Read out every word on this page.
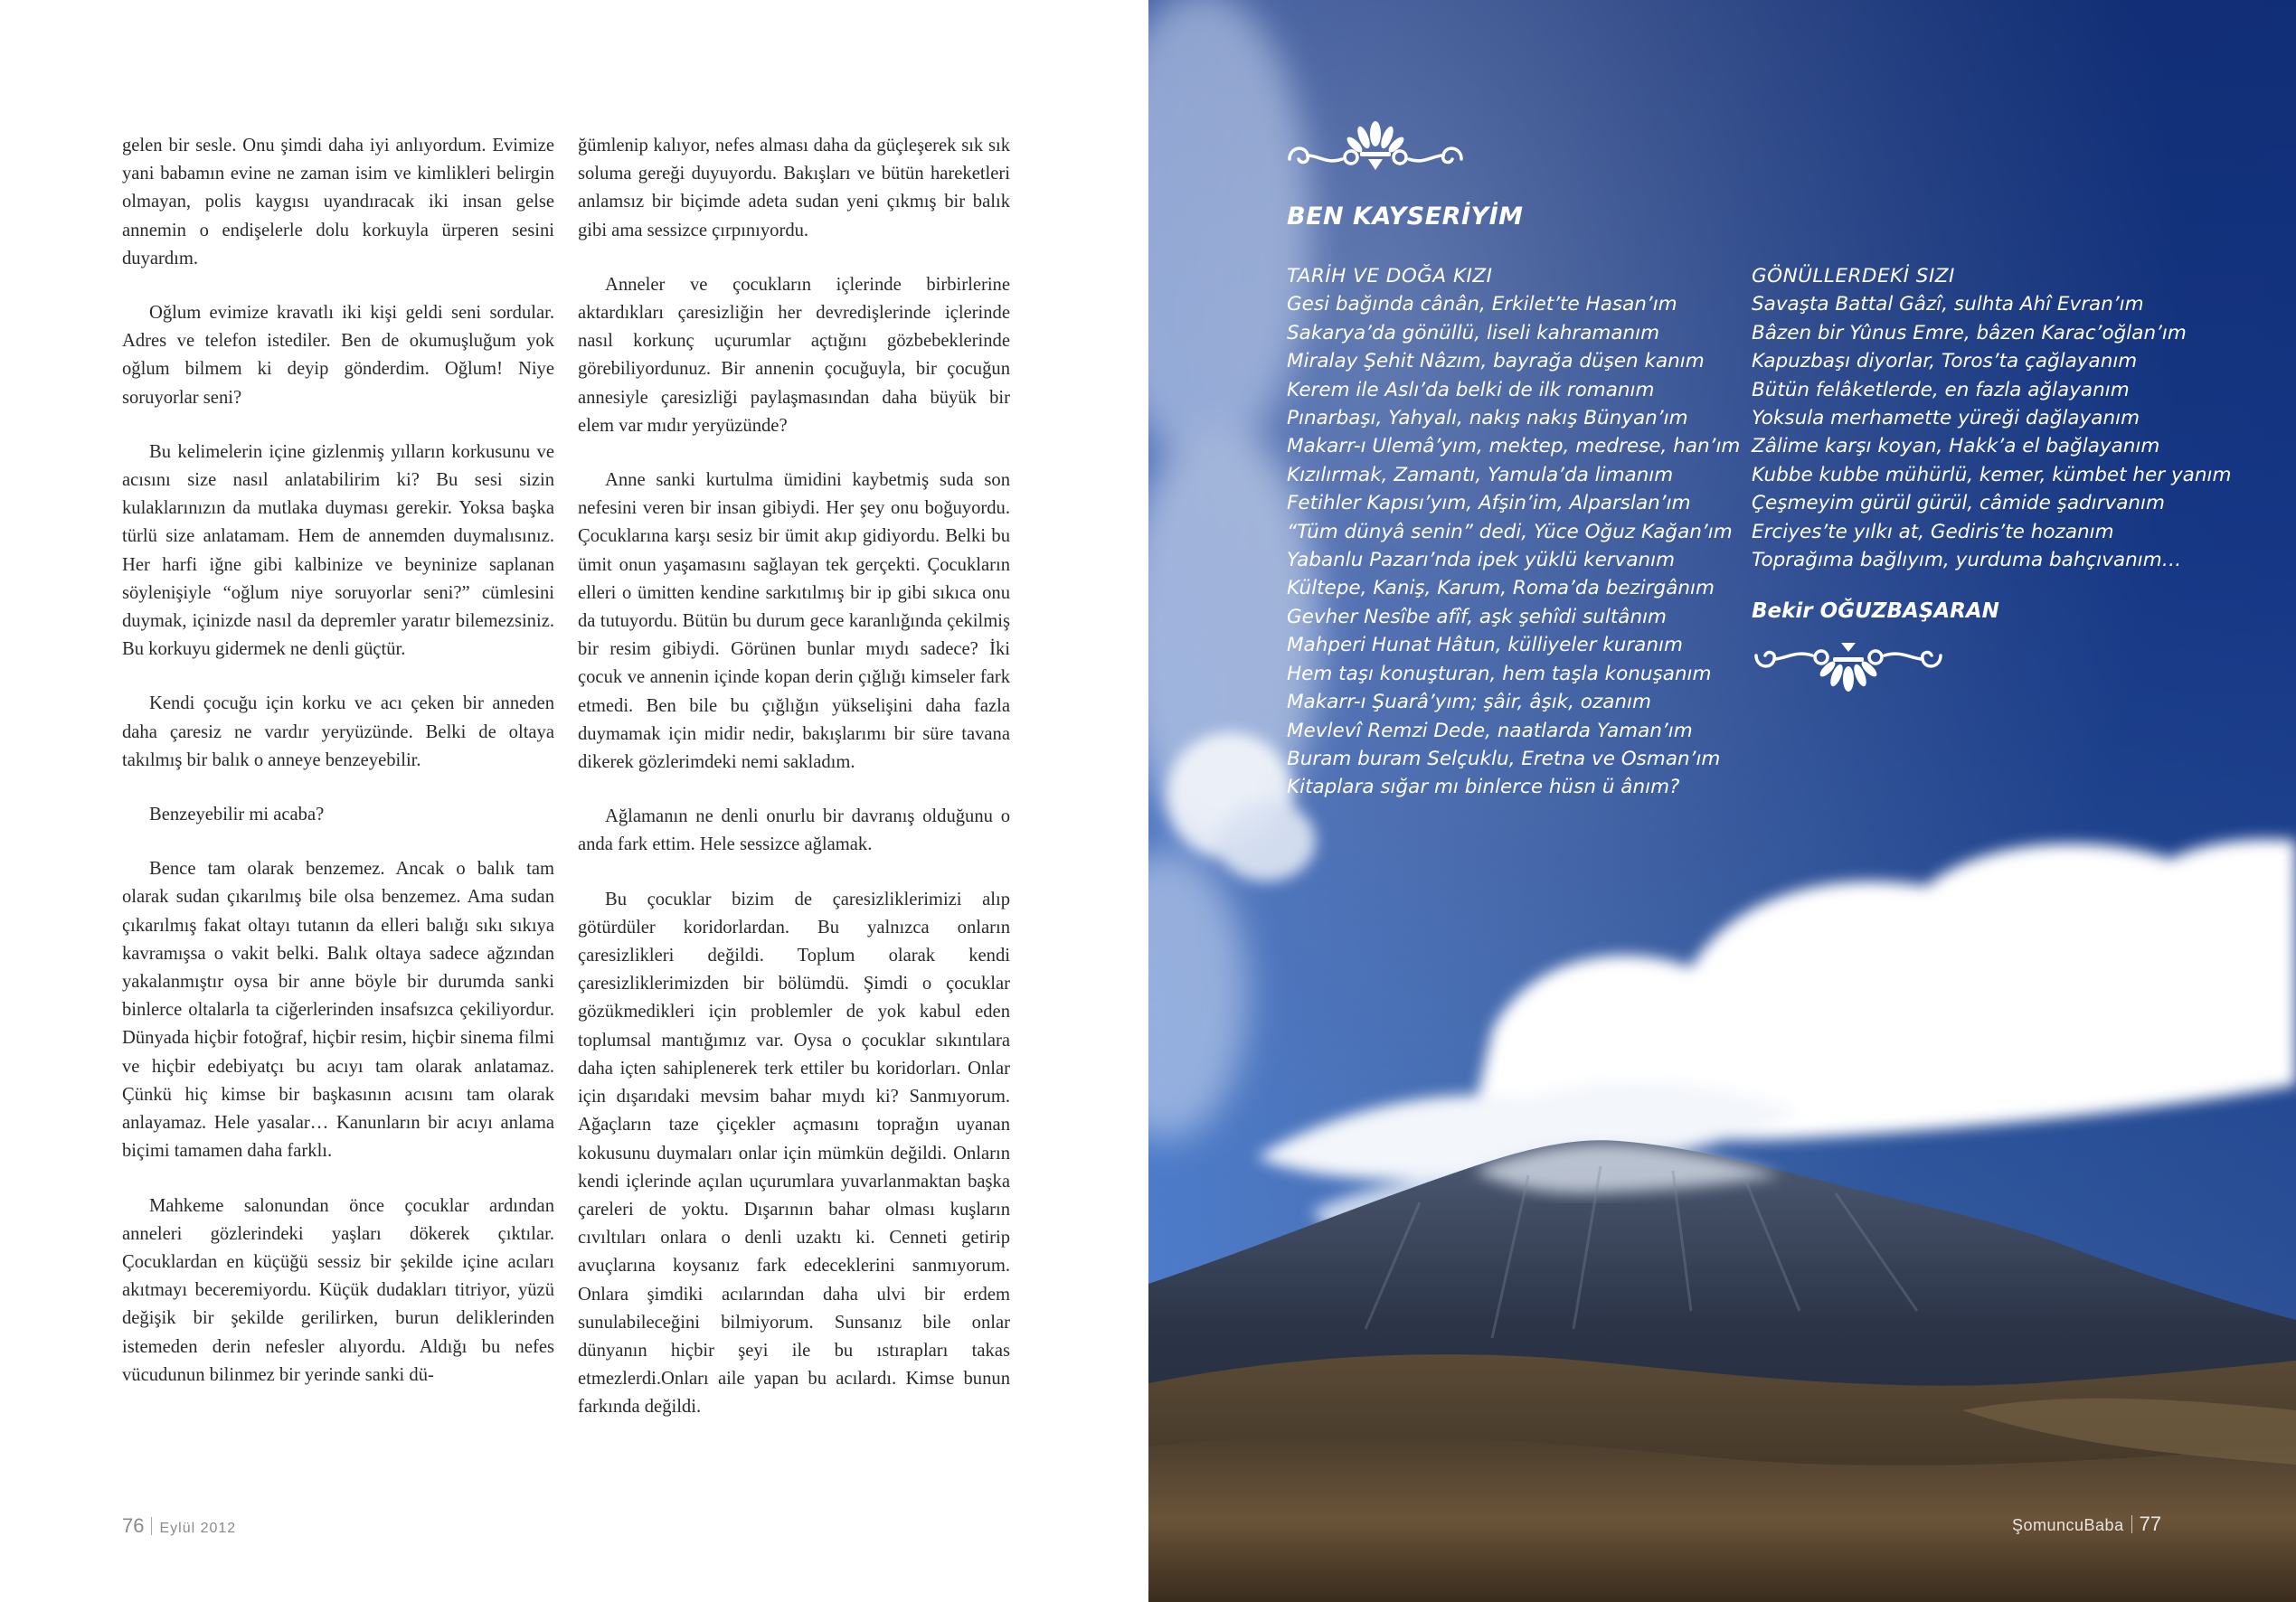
gelen bir sesle. Onu şimdi daha iyi anlıyordum. Evimize yani babamın evine ne zaman isim ve kimlikleri belirgin olmayan, polis kaygısı uyandıracak iki insan gelse annemin o endişelerle dolu korkuyla ürperen sesini duyardım.

Oğlum evimize kravatlı iki kişi geldi seni sordular. Adres ve telefon istediler. Ben de okumuşluğum yok oğlum bilmem ki deyip gönderdim. Oğlum! Niye soruyorlar seni?

Bu kelimelerin içine gizlenmiş yılların korkusunu ve acısını size nasıl anlatabilirim ki? Bu sesi sizin kulaklarınızın da mutlaka duyması gerekir. Yoksa başka türlü size anlatamam. Hem de annemden duymalısınız. Her harfi iğne gibi kalbinize ve beyninize saplanan söyleniş​iyle “oğlum niye soruyorlar seni?” cümlesini duymak, içinizde nasıl da depremler yaratır bilemezsiniz. Bu korkuyu gidermek ne denli güçtür.

Kendi çocuğu için korku ve acı çeken bir anneden daha çaresiz ne vardır yeryüzünde. Belki de oltaya takılmış bir balık o anneye benzeyebilir.

Benzeyebilir mi acaba?

Bence tam olarak benzemez. Ancak o balık tam olarak sudan çıkarılmış bile olsa benzemez. Ama sudan çıkarılmış fakat oltayı tutanın da elleri balığı sıkı sıkıya kavramışsa o vakit belki. Balık oltaya sadece ağzından yakalanmıştır oysa bir anne böyle bir durumda sanki binlerce oltalarla ta ciğerlerinden insafsızca çekiliyordur. Dünyada hiçbir fotoğraf, hiçbir resim, hiçbir sinema filmi ve hiçbir edebiyatçı bu acıyı tam olarak anlatamaz. Çünkü hiç kimse bir başkasının acısını tam olarak anlayamaz. Hele yasalar… Kanunların bir acıyı anlama biçimi tamamen daha farklı.

Mahkeme salonundan önce çocuklar ardından anneleri gözlerindeki yaşları dökerek çıktılar. Çocuklardan en küçüğü sessiz bir şekilde içine acıları akıtmayı beceremiyordu. Küçük dudakları titriyor, yüzü değişik bir şekilde gerilirken, burun deliklerinden istemeden derin nefesler alıyordu. Aldığı bu nefes vücudunun bilinmez bir yerinde sanki dü-

ğümlenip kalıyor, nefes alması daha da güçleşerek sık sık soluma gereği duyuyordu. Bakışları ve bütün hareketleri anlamsız bir biçimde adeta sudan yeni çıkmış bir balık gibi ama sessizce çırpınıyordu.

Anneler ve çocukların içlerinde birbirlerine aktardıkları çaresizliğin her devredişlerinde içlerinde nasıl korkunç uçurumlar açtığını gözbebeklerinde görebiliyordunuz. Bir annenin çocuğuyla, bir çocuğun annesiyle çaresizliği paylaşmasından daha büyük bir elem var mıdır yeryüzünde?

Anne sanki kurtulma ümidini kaybetmiş suda son nefesini veren bir insan gibiydi. Her şey onu boğuyordu. Çocuklarına karşı sesiz bir ümit akıp gidiyordu. Belki bu ümit onun yaşamasını sağlayan tek gerçekti. Çocukların elleri o ümitten kendine sarkıtılmış bir ip gibi sıkıca onu da tutuyordu. Bütün bu durum gece karanlığında çekilmiş bir resim gibiydi. Görünen bunlar mıydı sadece? İki çocuk ve annenin içinde kopan derin çığlığı kimseler fark etmedi. Ben bile bu çığlığın yükselişini daha fazla duymamak için midir nedir, bakışlarımı bir süre tavana dikerek gözlerimdeki nemi sakladım.

Ağlamanın ne denli onurlu bir davranış olduğunu o anda fark ettim. Hele sessizce ağlamak.

Bu çocuklar bizim de çaresizliklerimizi alıp götürdüler koridorlardan. Bu yalnızca onların çaresizlikleri değildi. Toplum olarak kendi çaresizliklerimizden bir bölümdü. Şimdi o çocuklar gözükmedikleri için problemler de yok kabul eden toplumsal mantığımız var. Oysa o çocuklar sıkıntılara daha içten sahiplenerek terk ettiler bu koridorları. Onlar için dışarıdaki mevsim bahar mıydı ki? Sanmıyorum. Ağaçların taze çiçekler açmasını toprağın uyanan kokusunu duymaları onlar için mümkün değildi. Onların kendi içlerinde açılan uçurumlara yuvarlanmaktan başka çareleri de yoktu. Dışarının bahar olması kuşların cıvıltıları onlara o denli uzaktı ki. Cenneti getirip avuçlarına koysanız fark edeceklerini sanmıyorum. Onlara şimdiki acılarından daha ulvi bir erdem sunulabileceğini bilmiyorum. Sunsanız bile onlar dünyanın hiçbir şeyi ile bu ıstırapları takas etmezlerdi.Onları aile yapan bu acılardı. Kimse bunun farkında değildi.

76 Eylül 2012
BEN KAYSERİYİM
TARİH VE DOĞA KIZI
Gesi bağında cânân, Erkilet’te Hasan’ım
Sakarya’da gönüllü, liseli kahramanım
Miralay Şehit Nâzım, bayrağa düşen kanım
Kerem ile Aslı’da belki de ilk romanım
Pınarbaşı, Yahyalı, nakış nakış Bünyan’ım
Makarr-ı Ulemâ’yım, mektep, medrese, han’ım
Kızılırmak, Zamantı, Yamula’da limanım
Fetihler Kapısı’yım, Afşin’im, Alparslan’ım
“Tüm dünyâ senin” dedi, Yüce Oğuz Kağan’ım
Yabanlu Pazarı’nda ipek yüklü kervanım
Kültepe, Kaniş, Karum, Roma’da bezirgânım
Gevher Nesîbe afîf, aşk şehîdi sultânım
Mahperi Hunat Hâtun, külliyeler kuranım
Hem taşı konuşturan, hem taşla konuşanım
Makarr-ı Şuarâ’yım; şâir, âşık, ozanım
Mevlevî Remzi Dede, naatlarda Yaman’ım
Buram buram Selçuklu, Eretna ve Osman’ım
Kitaplara sığar mı binlerce hüsn ü ânım?
GÖNÜLLERDEKİ SIZI
Savaşta Battal Gâzî, sulhta Ahî Evran’ım
Bâzen bir Yûnus Emre, bâzen Karac’oğlan’ım
Kapuzbaşı diyorlar, Toros’ta çağlayanım
Bütün felâketlerde, en fazla ağlayanım
Yoksula merhamette yüreği dağlayanım
Zâlime karşı koyan, Hakk’a el bağlayanım
Kubbe kubbe mühürlü, kemer, kümbet her yanım
Çeşmeyim gürül gürül, câmide şadırvanım
Erciyes’te yılkı at, Gediris’te hozanım
Toprağıma bağlıyım, yurduma bahçıvanım…
Bekir OĞUZBAŞARAN
ŞomuncuBaba 77
